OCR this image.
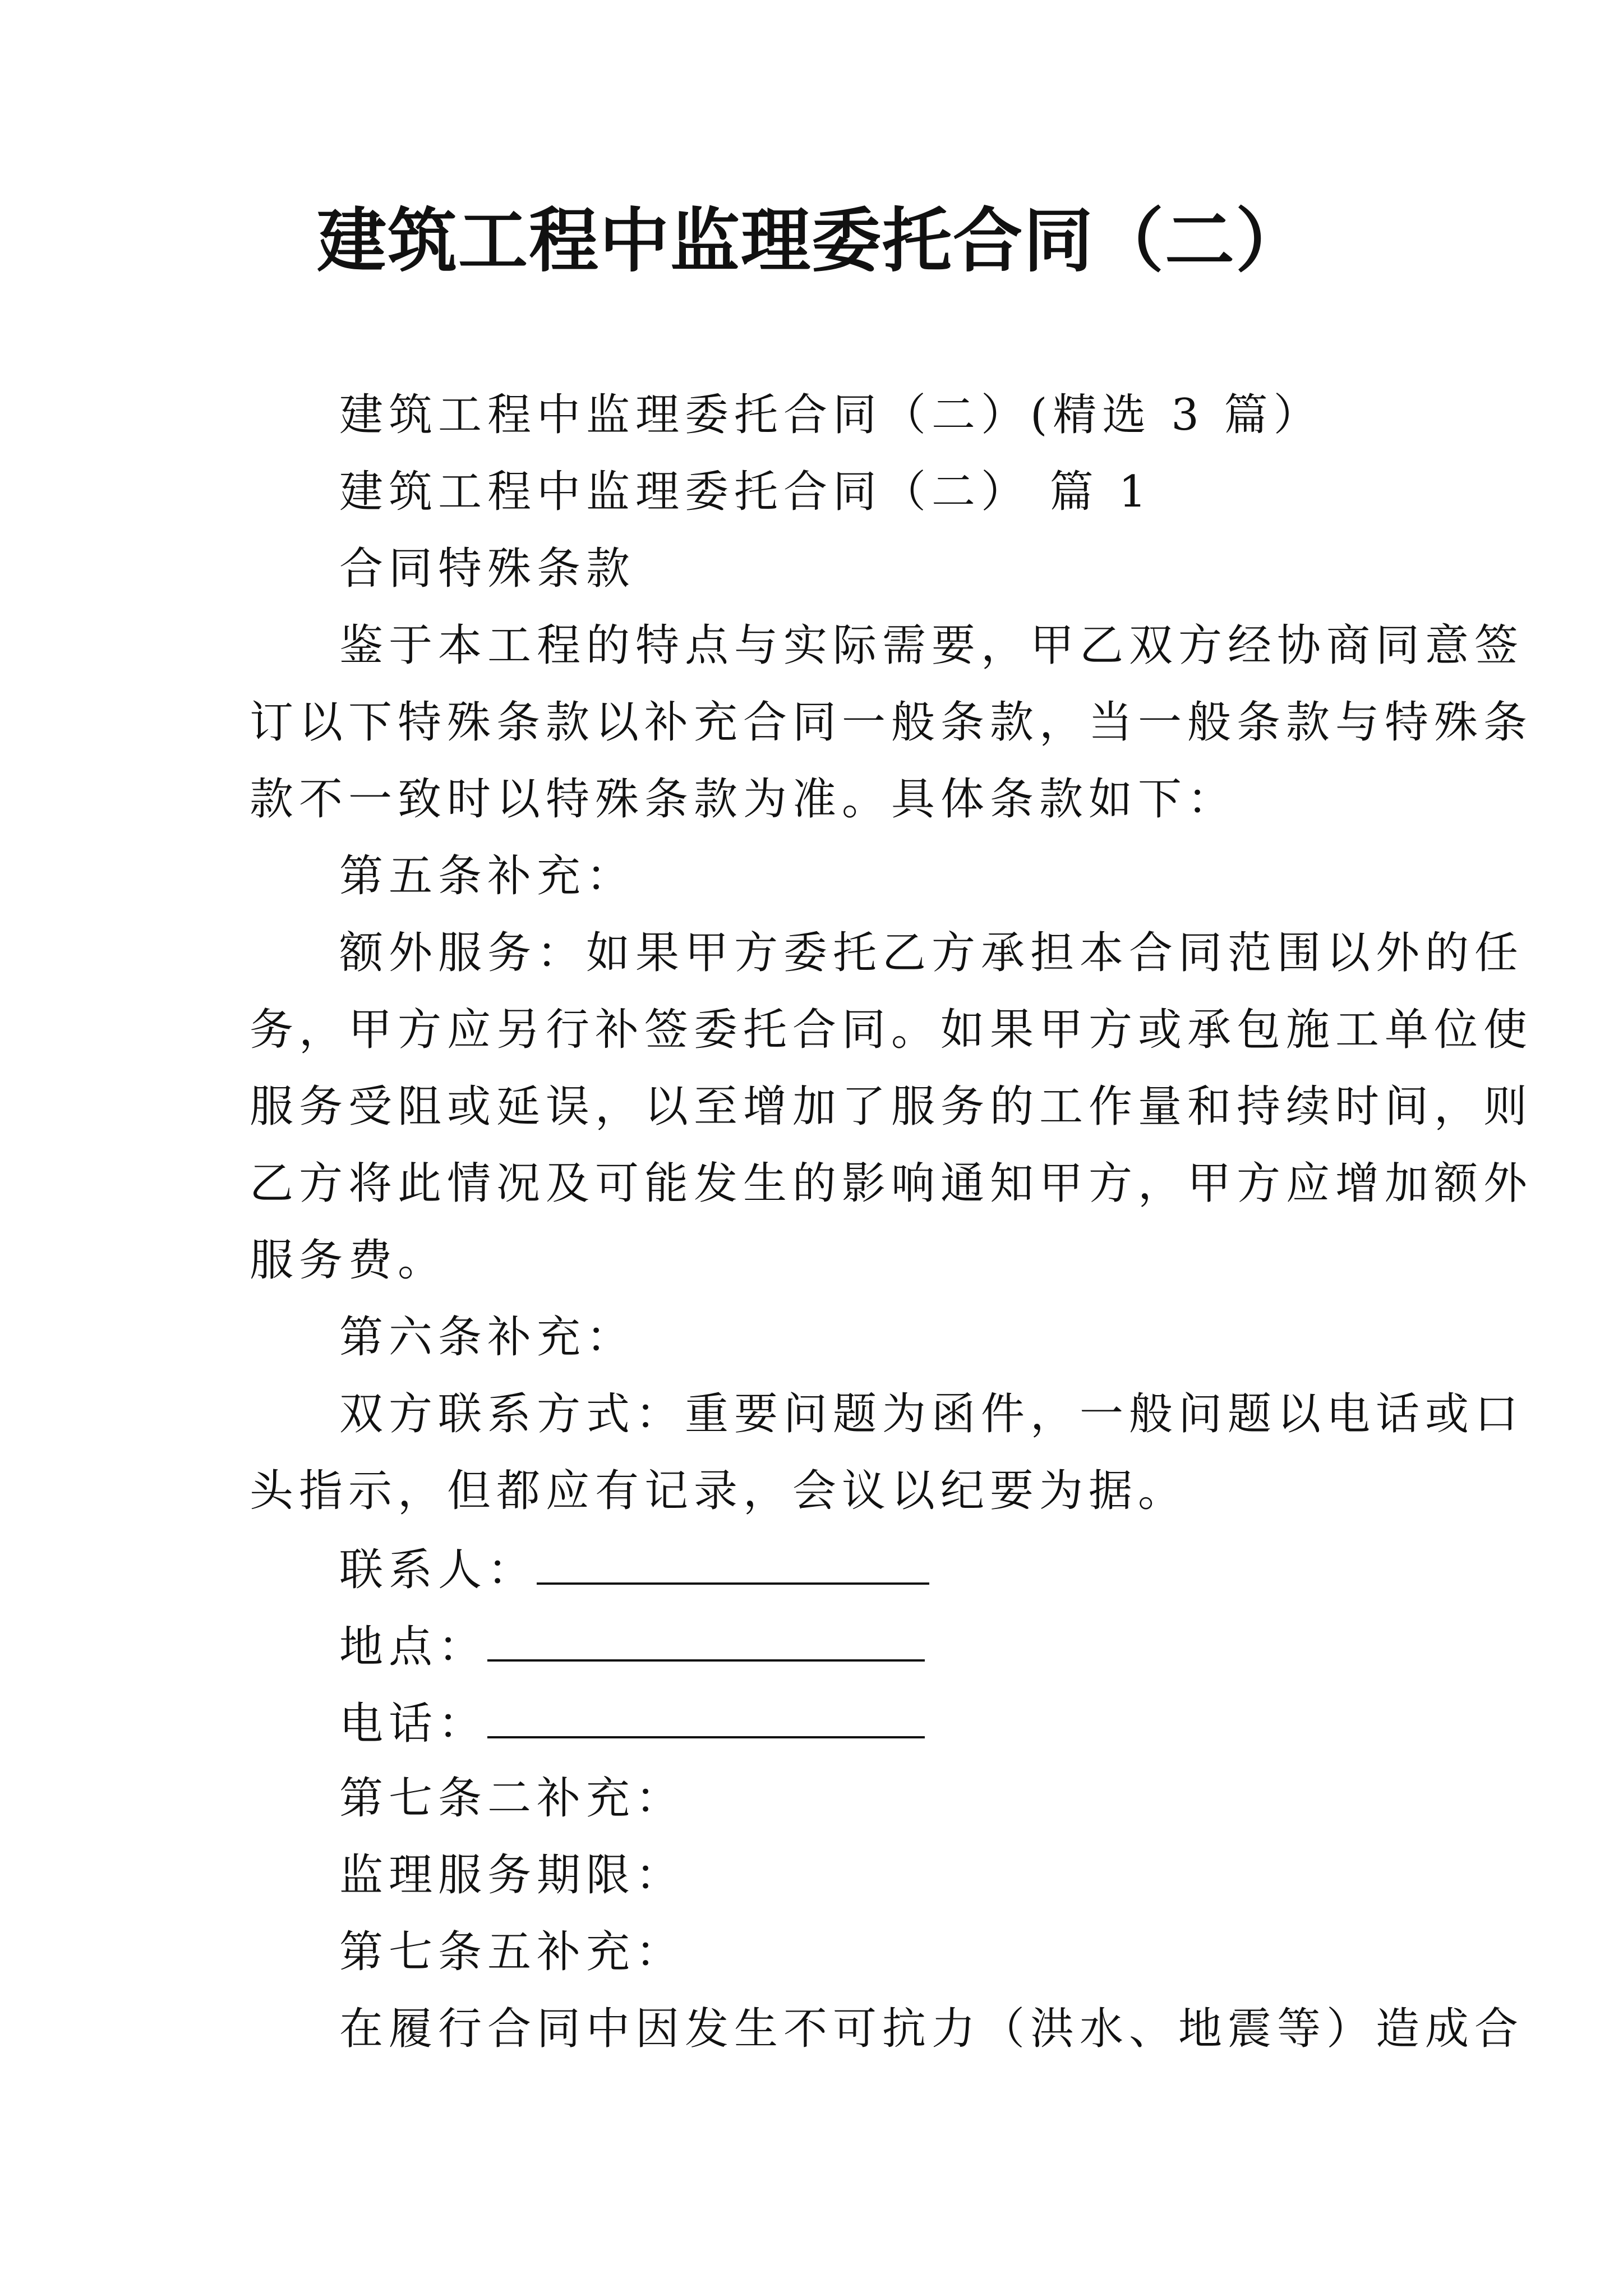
建筑工程中监理委托合同（二）
建筑工程中监理委托合同（二）(精选 3 篇）
建筑工程中监理委托合同（二） 篇 1
合同特殊条款
鉴于本工程的特点与实际需要，甲乙双方经协商同意签
订以下特殊条款以补充合同一般条款，当一般条款与特殊条
款不一致时以特殊条款为准。具体条款如下：
第五条补充：
额外服务：如果甲方委托乙方承担本合同范围以外的任
务，甲方应另行补签委托合同。如果甲方或承包施工单位使
服务受阻或延误，以至增加了服务的工作量和持续时间，则
乙方将此情况及可能发生的影响通知甲方，甲方应增加额外
服务费。
第六条补充：
双方联系方式：重要问题为函件，一般问题以电话或口
头指示，但都应有记录，会议以纪要为据。
联系人：
地点：
电话：
第七条二补充：
监理服务期限：
第七条五补充：
在履行合同中因发生不可抗力（洪水、地震等）造成合
